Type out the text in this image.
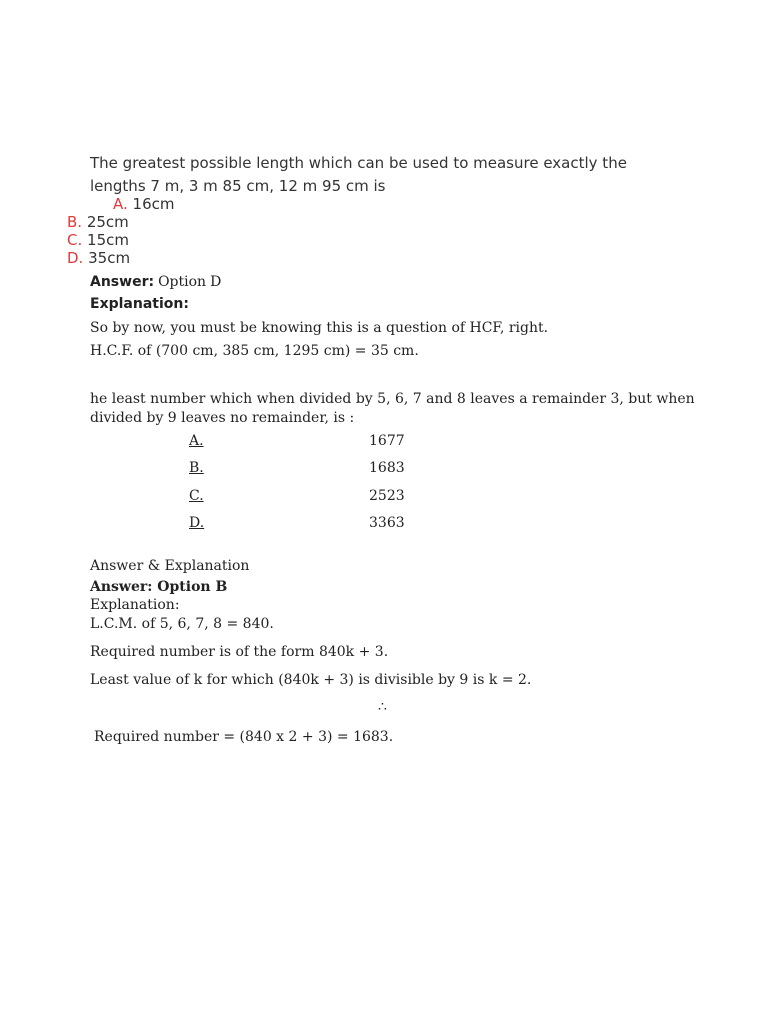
The greatest possible length which can be used to measure exactly the
lengths 7 m, 3 m 85 cm, 12 m 95 cm is
A. 16cm
B. 25cm
C. 15cm
D. 35cm
Answer: Option D
Explanation:
So by now, you must be knowing this is a question of HCF, right.
H.C.F. of (700 cm, 385 cm, 1295 cm) = 35 cm.
he least number which when divided by 5, 6, 7 and 8 leaves a remainder 3, but when
divided by 9 leaves no remainder, is :
A.	1677
B.	1683
C.	2523
D.	3363
Answer & Explanation
Answer: Option B
Explanation:
L.C.M. of 5, 6, 7, 8 = 840.
Required number is of the form 840k + 3.
Least value of k for which (840k + 3) is divisible by 9 is k = 2.
∴
Required number = (840 x 2 + 3) = 1683.
